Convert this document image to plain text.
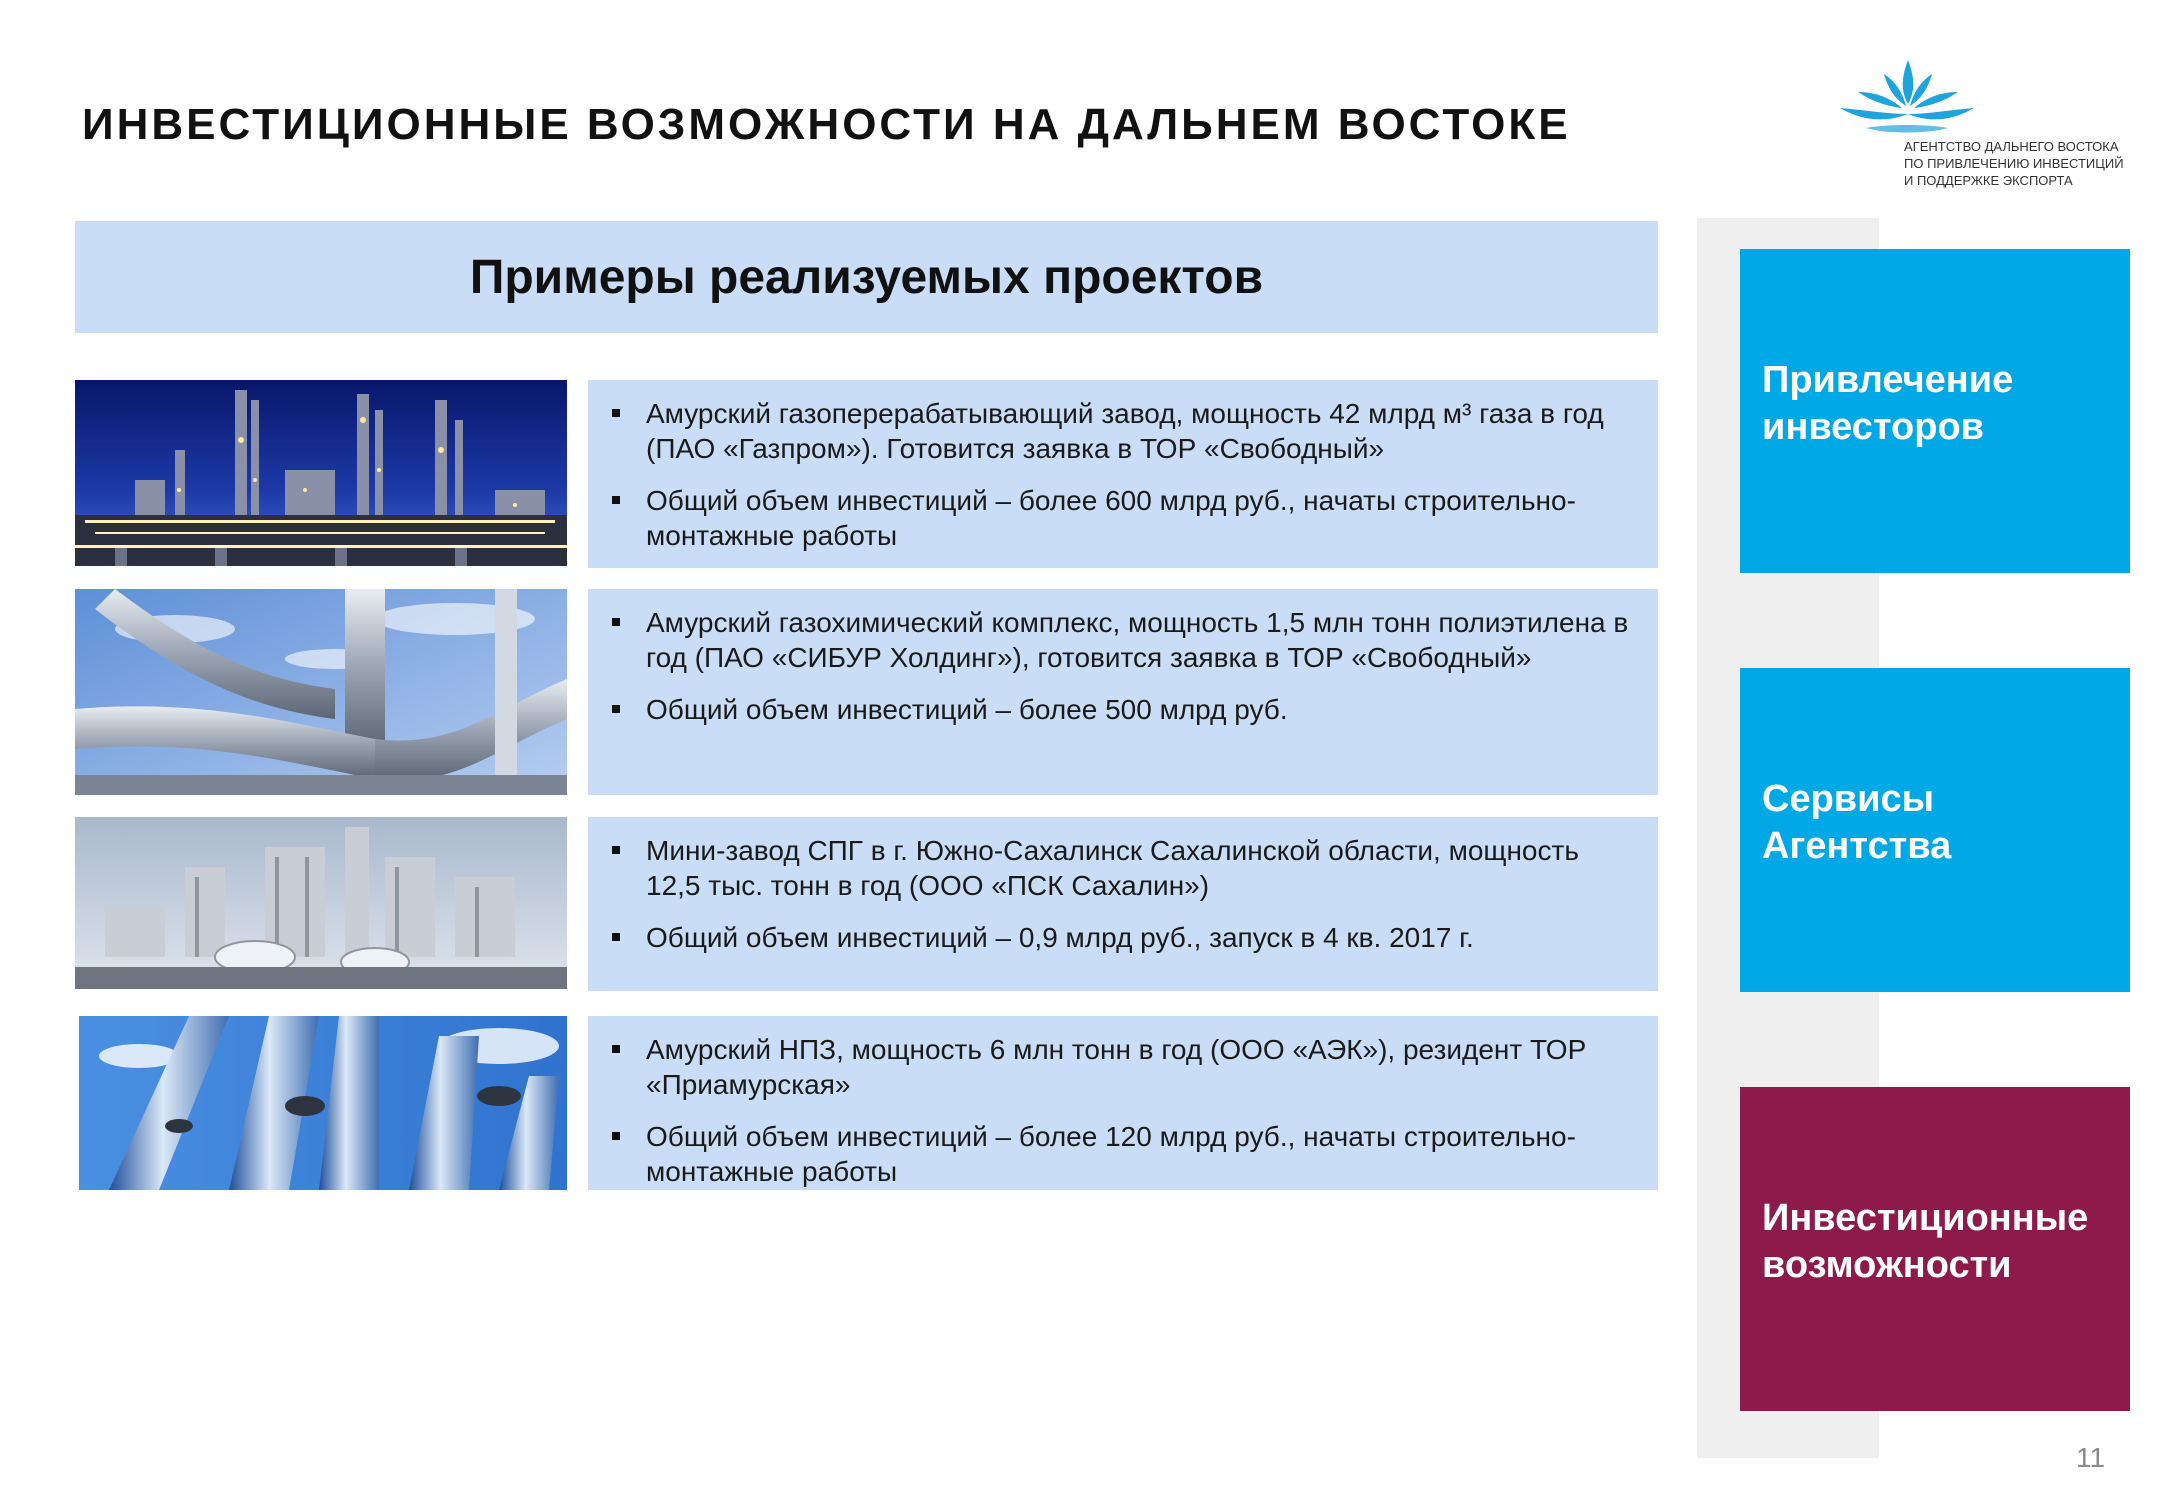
ИНВЕСТИЦИОННЫЕ ВОЗМОЖНОСТИ НА ДАЛЬНЕМ ВОСТОКЕ	АГЕНТСТВО ДАЛЬНЕГО ВОСТОКА
ПО ПРИВЛЕЧЕНИЮ ИНВЕСТИЦИЙ
И ПОДДЕРЖКЕ ЭКСПОРТА
Примеры реализуемых проектов
Амурский газоперерабатывающий завод, мощность 42 млрд м³ газа в год (ПАО «Газпром»). Готовится заявка в ТОР «Свободный»
Общий объем инвестиций – более 600 млрд руб., начаты строительно-монтажные работы
Амурский газохимический комплекс, мощность 1,5 млн тонн полиэтилена в год (ПАО «СИБУР Холдинг»), готовится заявка в ТОР «Свободный»
Общий объем инвестиций – более 500 млрд руб.
Мини-завод СПГ в г. Южно-Сахалинск Сахалинской области, мощность 12,5 тыс. тонн в год (ООО «ПСК Сахалин»)
Общий объем инвестиций – 0,9 млрд руб., запуск в 4 кв. 2017 г.
Амурский НПЗ, мощность 6 млн тонн в год (ООО «АЭК»), резидент ТОР «Приамурская»
Общий объем инвестиций – более 120 млрд руб., начаты строительно-монтажные работы
Привлечение инвесторов
Сервисы Агентства
Инвестиционные возможности
11
